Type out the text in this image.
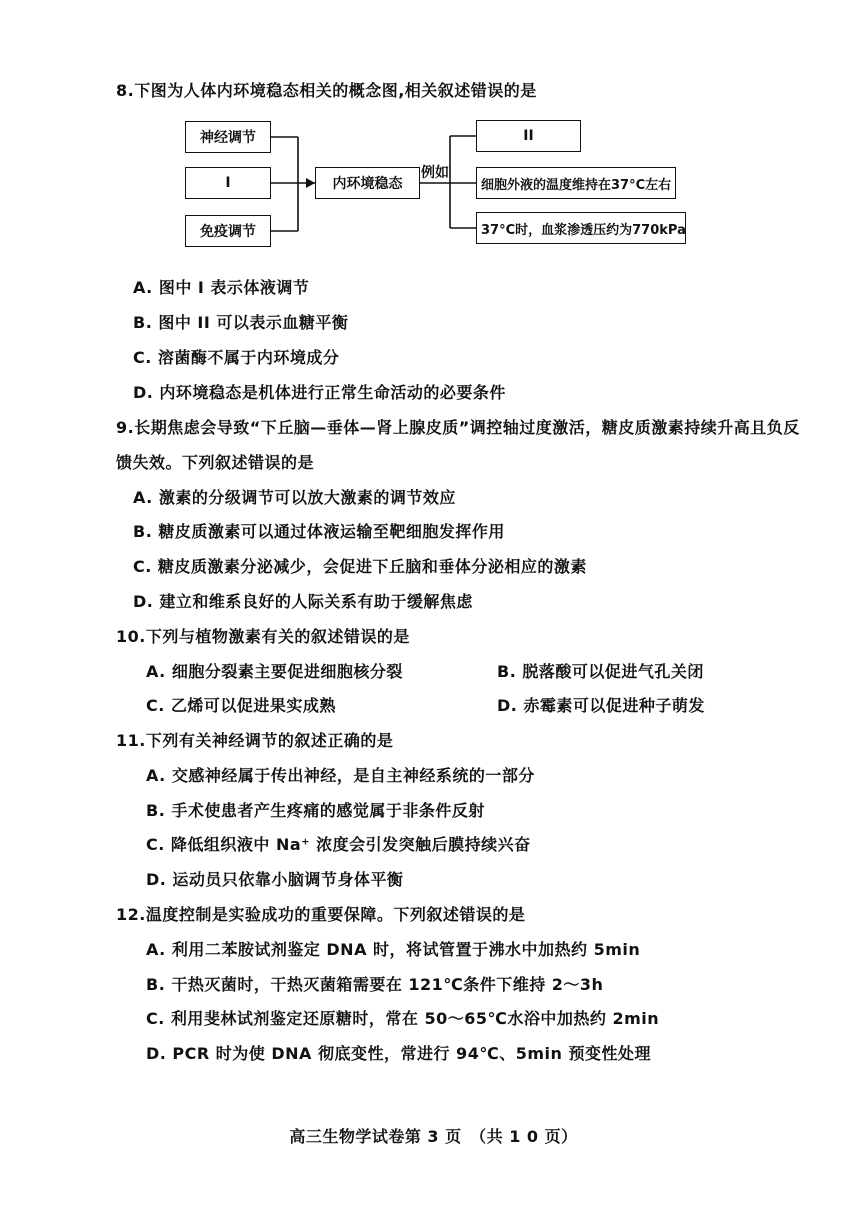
8.下图为人体内环境稳态相关的概念图,相关叙述错误的是
神经调节
I
免疫调节
内环境稳态
例如
II
细胞外液的温度维持在37°C左右
37°C时，血浆渗透压约为770kPa
A. 图中 I 表示体液调节
B. 图中 II 可以表示血糖平衡
C. 溶菌酶不属于内环境成分
D. 内环境稳态是机体进行正常生命活动的必要条件
9.长期焦虑会导致“下丘脑—垂体—肾上腺皮质”调控轴过度激活，糖皮质激素持续升高且负反
馈失效。下列叙述错误的是
A. 激素的分级调节可以放大激素的调节效应
B. 糖皮质激素可以通过体液运输至靶细胞发挥作用
C. 糖皮质激素分泌减少，会促进下丘脑和垂体分泌相应的激素
D. 建立和维系良好的人际关系有助于缓解焦虑
10.下列与植物激素有关的叙述错误的是
A. 细胞分裂素主要促进细胞核分裂	B. 脱落酸可以促进气孔关闭
C. 乙烯可以促进果实成熟	D. 赤霉素可以促进种子萌发
11.下列有关神经调节的叙述正确的是
A. 交感神经属于传出神经，是自主神经系统的一部分
B. 手术使患者产生疼痛的感觉属于非条件反射
C. 降低组织液中 Na⁺ 浓度会引发突触后膜持续兴奋
D. 运动员只依靠小脑调节身体平衡
12.温度控制是实验成功的重要保障。下列叙述错误的是
A. 利用二苯胺试剂鉴定 DNA 时，将试管置于沸水中加热约 5min
B. 干热灭菌时，干热灭菌箱需要在 121℃条件下维持 2～3h
C. 利用斐林试剂鉴定还原糖时，常在 50～65℃水浴中加热约 2min
D. PCR 时为使 DNA 彻底变性，常进行 94℃、5min 预变性处理
高三生物学试卷第 3 页　（共 1 0 页）
